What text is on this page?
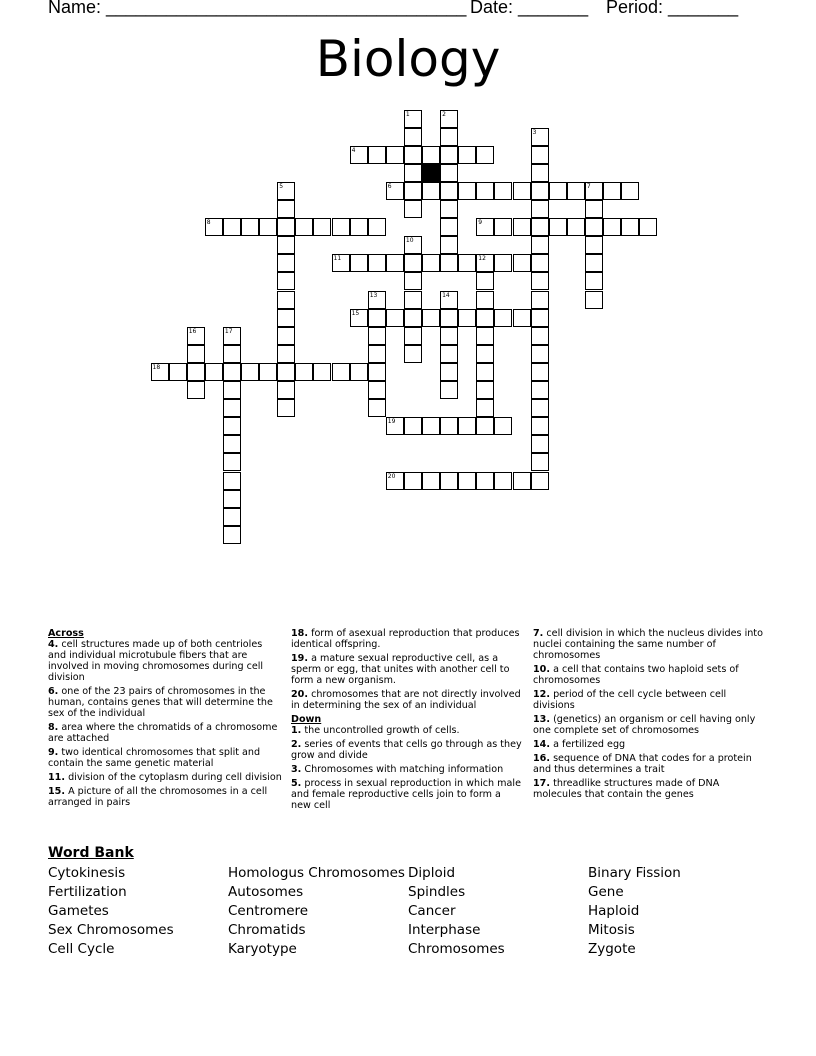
Name: ____________________________________ Date: _______ Period: _______
Biology
1	2
3
4
5	6	7
8	9
10
11	12
13	14
15
16	17
18
19
20
Across
4. cell structures made up of both centrioles and individual microtubule fibers that are involved in moving chromosomes during cell division
6. one of the 23 pairs of chromosomes in the human, contains genes that will determine the sex of the individual
8. area where the chromatids of a chromosome are attached
9. two identical chromosomes that split and contain the same genetic material
11. division of the cytoplasm during cell division
15. A picture of all the chromosomes in a cell arranged in pairs
18. form of asexual reproduction that produces identical offspring.
19. a mature sexual reproductive cell, as a sperm or egg, that unites with another cell to form a new organism.
20. chromosomes that are not directly involved in determining the sex of an individual
Down
1. the uncontrolled growth of cells.
2. series of events that cells go through as they grow and divide
3. Chromosomes with matching information
5. process in sexual reproduction in which male and female reproductive cells join to form a new cell
7. cell division in which the nucleus divides into nuclei containing the same number of chromosomes
10. a cell that contains two haploid sets of chromosomes
12. period of the cell cycle between cell divisions
13. (genetics) an organism or cell having only one complete set of chromosomes
14. a fertilized egg
16. sequence of DNA that codes for a protein and thus determines a trait
17. threadlike structures made of DNA molecules that contain the genes
Word Bank
Cytokinesis
Fertilization
Gametes
Sex Chromosomes
Cell Cycle
Homologus Chromosomes
Autosomes
Centromere
Chromatids
Karyotype
Diploid
Spindles
Cancer
Interphase
Chromosomes
Binary Fission
Gene
Haploid
Mitosis
Zygote
